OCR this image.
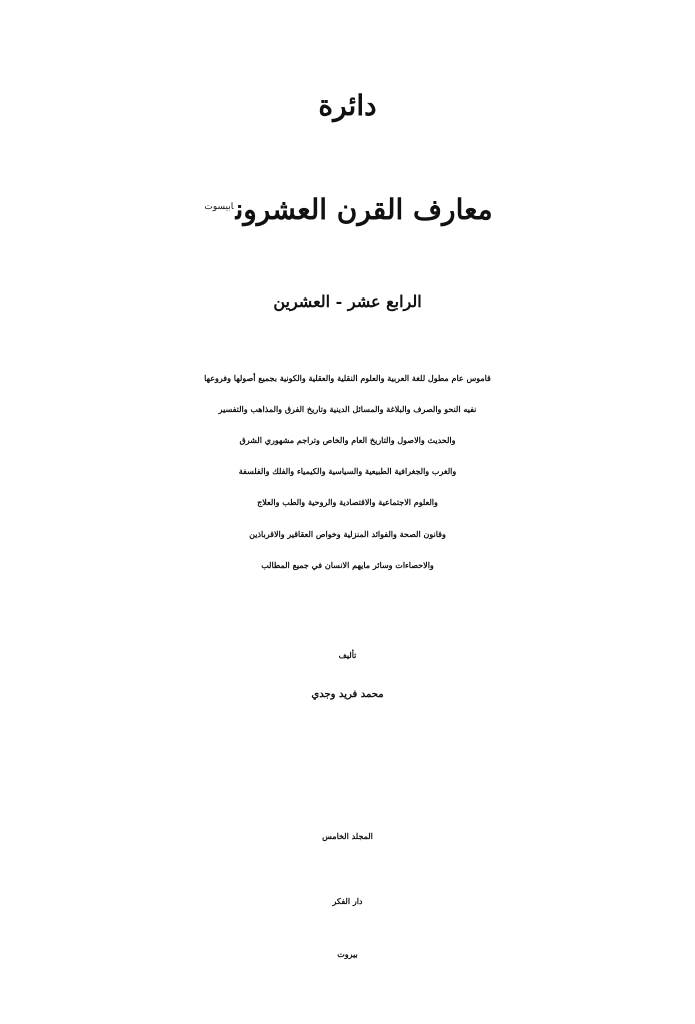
دائرة
معارف القرن العشرون$^{ابيسوت}$
الرابع عشر - العشرين
قاموس عام مطول للغة العربية والعلوم النقلية والعقلية والكونية بجميع أصولها وفروعها
نفيه النحو والصرف والبلاغة والمسائل الدينية وتاريخ الفرق والمذاهب والتفسير
والحديث والاصول والتاريخ العام والخاص وتراجم مشهوري الشرق
والغرب والجغرافية الطبيعية والسياسية والكيمياء والفلك والفلسفة
والعلوم الاجتماعية والاقتصادية والروحية والطب والعلاج
وقانون الصحة والفوائد المنزلية وخواص العقاقير والاقرباذين
والاحصاءات وسائر مايهم الانسان في جميع المطالب
تأليف
محمد فريد وجدي
المجلد الخامس
دار الفكر
بيروت
